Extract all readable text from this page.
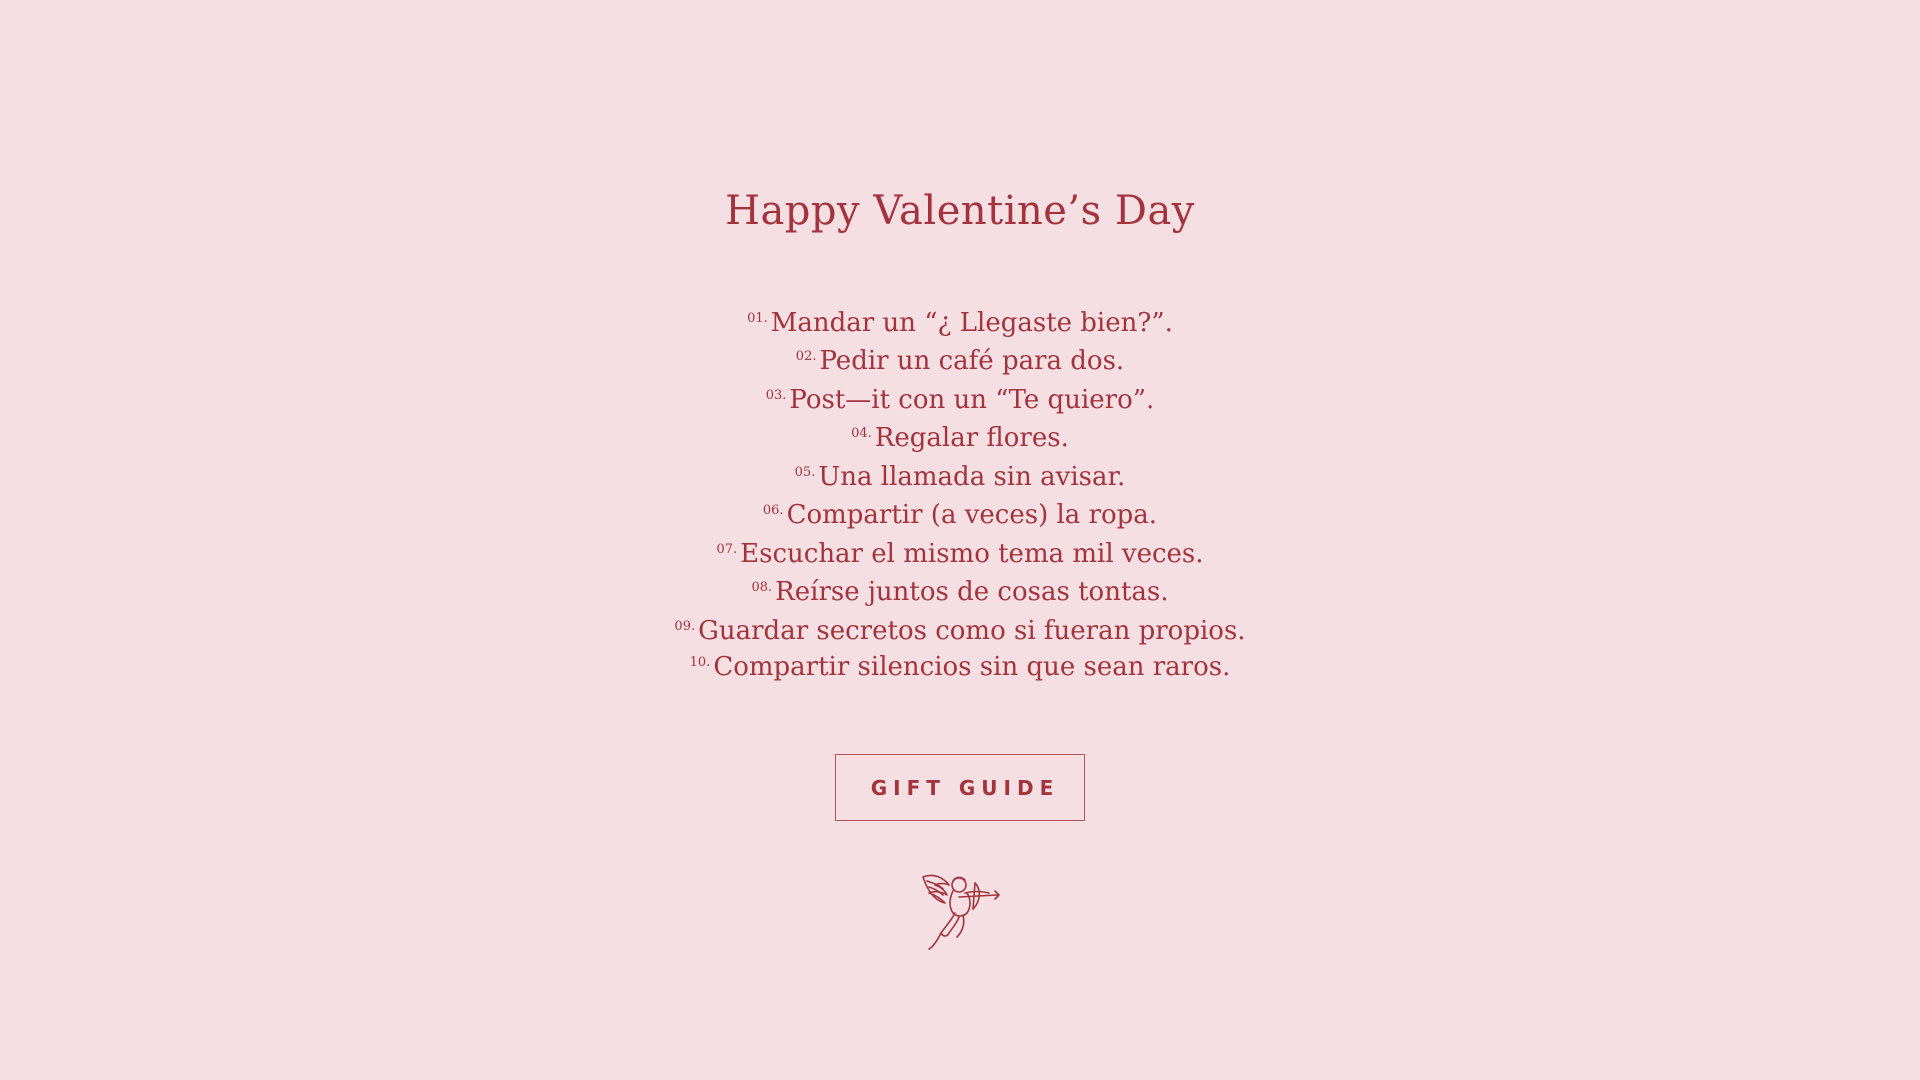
Happy Valentine’s Day
$^{01.}$ Mandar un “¿ Llegaste bien?”.
$^{02.}$ Pedir un café para dos.
$^{03.}$ Post—it con un “Te quiero”.
$^{04.}$ Regalar flores.
$^{05.}$ Una llamada sin avisar.
$^{06.}$ Compartir (a veces) la ropa.
$^{07.}$ Escuchar el mismo tema mil veces.
$^{08.}$ Reírse juntos de cosas tontas.
$^{09.}$ Guardar secretos como si fueran propios.
$^{10.}$ Compartir silencios sin que sean raros.
GIFT GUIDE
